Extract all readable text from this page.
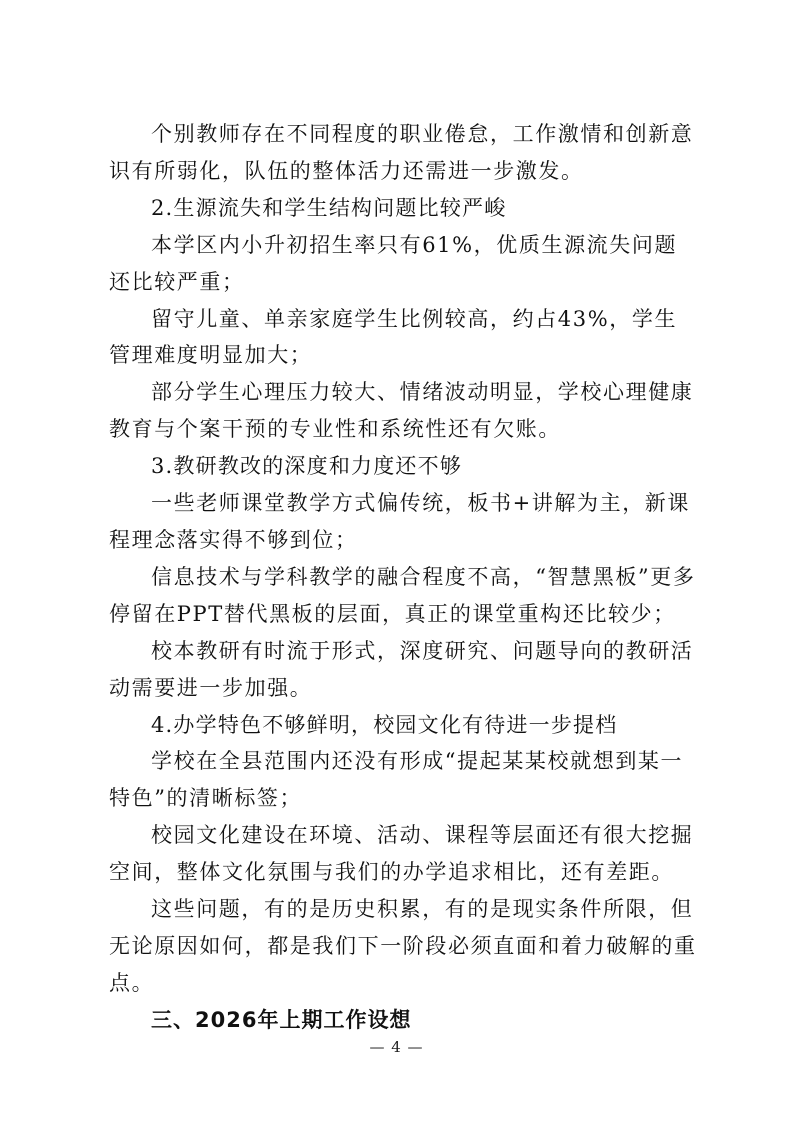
个别教师存在不同程度的职业倦怠，工作激情和创新意识有所弱化，队伍的整体活力还需进一步激发。

2.生源流失和学生结构问题比较严峻

本学区内小升初招生率只有61%，优质生源流失问题还比较严重；

留守儿童、单亲家庭学生比例较高，约占43%，学生管理难度明显加大；

部分学生心理压力较大、情绪波动明显，学校心理健康教育与个案干预的专业性和系统性还有欠账。

3.教研教改的深度和力度还不够

一些老师课堂教学方式偏传统，板书+讲解为主，新课程理念落实得不够到位；

信息技术与学科教学的融合程度不高，“智慧黑板”更多停留在PPT替代黑板的层面，真正的课堂重构还比较少；

校本教研有时流于形式，深度研究、问题导向的教研活动需要进一步加强。

4.办学特色不够鲜明，校园文化有待进一步提档

学校在全县范围内还没有形成“提起某某校就想到某一特色”的清晰标签；

校园文化建设在环境、活动、课程等层面还有很大挖掘空间，整体文化氛围与我们的办学追求相比，还有差距。

这些问题，有的是历史积累，有的是现实条件所限，但无论原因如何，都是我们下一阶段必须直面和着力破解的重点。

三、2026年上期工作设想

— 4 —
